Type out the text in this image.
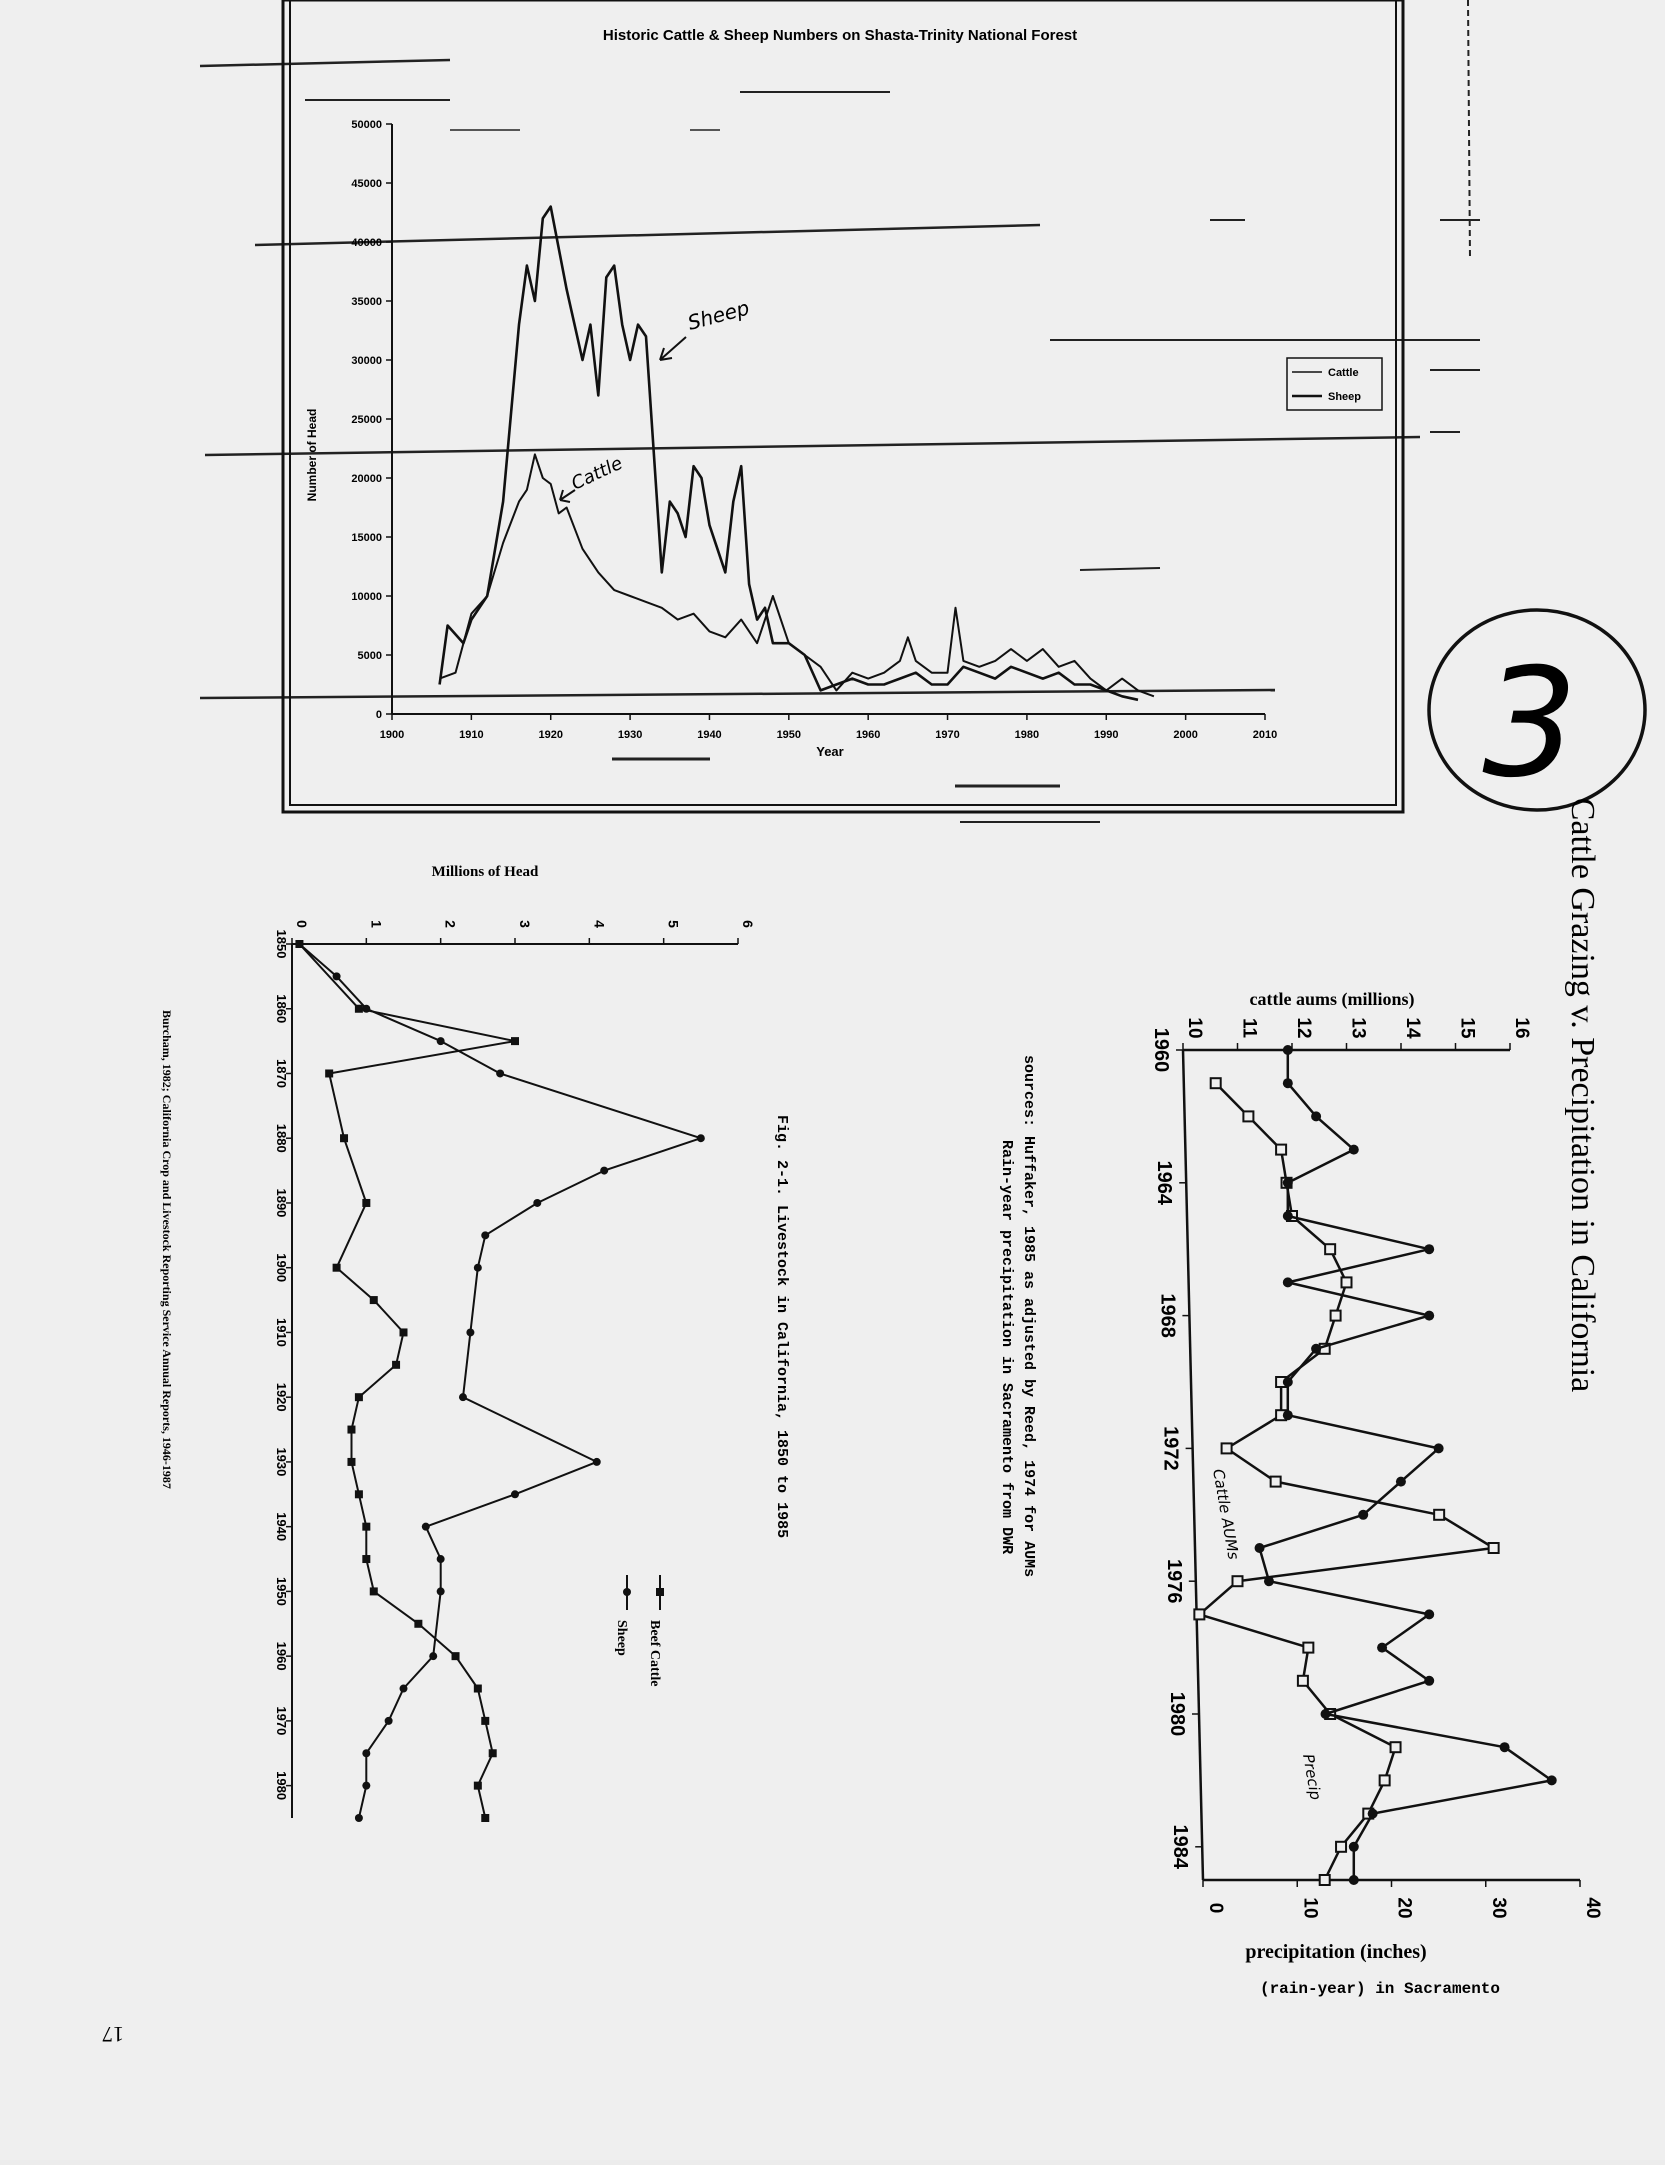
Historic Cattle & Sheep Numbers on Shasta-Trinity National Forest
Number of Head
Year
0
5000
10000
15000
20000
25000
30000
35000
40000
45000
50000
1900	1910	1920	1930	1940	1950	1960	1970	1980	1990	2000	2010
Cattle
Sheep
Sheep
Cattle
3
Millions of Head
0	1	2	3	4	5	6
1850
1860
1870
1880
1890
1900
1910
1920
1930
1940
1950
1960
1970
1980
Fig. 2-1. Livestock in California, 1850 to 1985
Burcham, 1982; California Crop and Livestock Reporting Service Annual Reports, 1946-1987
Beef Cattle
Sheep
Cattle Grazing v. Precipitation in California
cattle aums (millions)
precipitation (inches)
(rain-year) in Sacramento
sources: Huffaker, 1985 as adjusted by Reed, 1974 for AUMs
Rain-year precipitation in Sacramento from DWR
10 11 12 13 14 15 16
0	10	20	30	40
1960
1964
1968
1972
1976
1980
1984
Cattle AUMs
Precip
17
